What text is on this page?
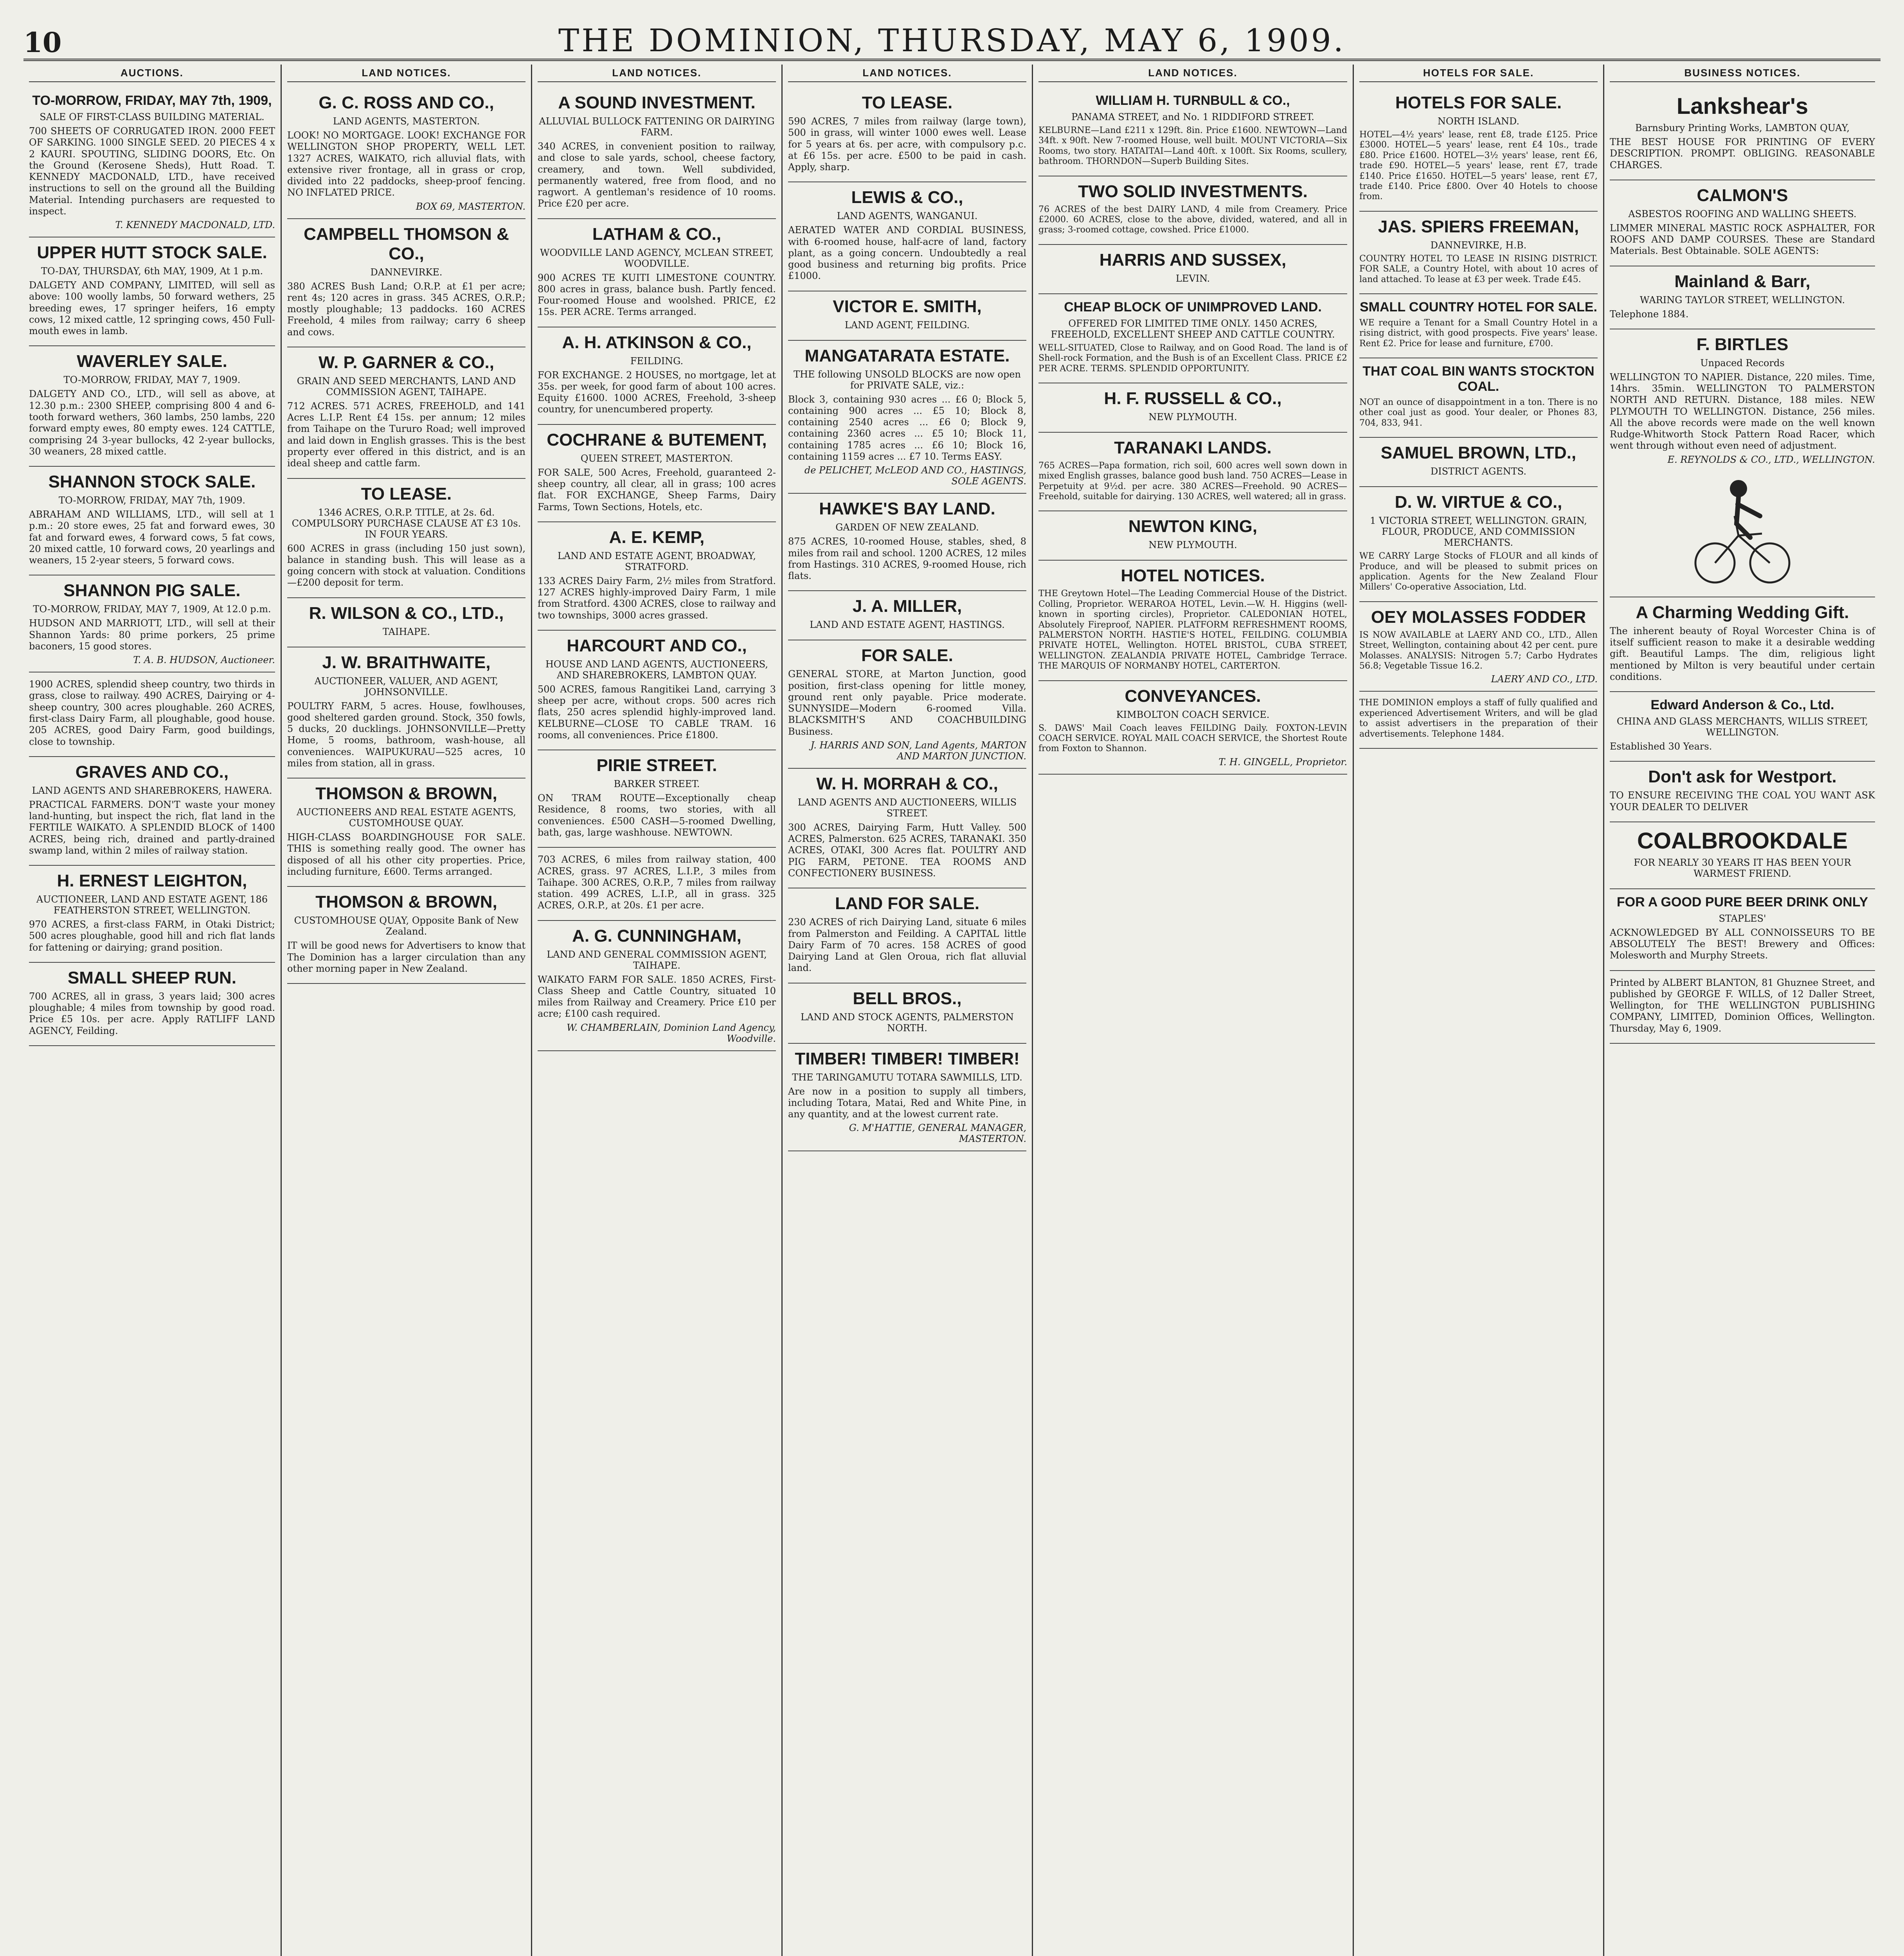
10	THE DOMINION, THURSDAY, MAY 6, 1909.
AUCTIONS.
TO-MORROW, FRIDAY, MAY 7th, 1909,
SALE OF FIRST-CLASS BUILDING MATERIAL.

700 SHEETS OF CORRUGATED IRON. 2000 FEET OF SARKING. 1000 SINGLE SEED. 20 PIECES 4 x 2 KAURI. SPOUTING, SLIDING DOORS, Etc. On the Ground (Kerosene Sheds), Hutt Road. T. KENNEDY MACDONALD, LTD., have received instructions to sell on the ground all the Building Material. Intending purchasers are requested to inspect.

T. KENNEDY MACDONALD, LTD.
UPPER HUTT STOCK SALE.
TO-DAY, THURSDAY, 6th MAY, 1909, At 1 p.m.

DALGETY AND COMPANY, LIMITED, will sell as above: 100 woolly lambs, 50 forward wethers, 25 breeding ewes, 17 springer heifers, 16 empty cows, 12 mixed cattle, 12 springing cows, 450 Full-mouth ewes in lamb.

WAVERLEY SALE.
TO-MORROW, FRIDAY, MAY 7, 1909.

DALGETY AND CO., LTD., will sell as above, at 12.30 p.m.: 2300 SHEEP, comprising 800 4 and 6-tooth forward wethers, 360 lambs, 250 lambs, 220 forward empty ewes, 80 empty ewes. 124 CATTLE, comprising 24 3-year bullocks, 42 2-year bullocks, 30 weaners, 28 mixed cattle.

SHANNON STOCK SALE.
TO-MORROW, FRIDAY, MAY 7th, 1909.

ABRAHAM AND WILLIAMS, LTD., will sell at 1 p.m.: 20 store ewes, 25 fat and forward ewes, 30 fat and forward ewes, 4 forward cows, 5 fat cows, 20 mixed cattle, 10 forward cows, 20 yearlings and weaners, 15 2-year steers, 5 forward cows.

SHANNON PIG SALE.
TO-MORROW, FRIDAY, MAY 7, 1909, At 12.0 p.m.

HUDSON AND MARRIOTT, LTD., will sell at their Shannon Yards: 80 prime porkers, 25 prime baconers, 15 good stores.

T. A. B. HUDSON, Auctioneer.

1900 ACRES, splendid sheep country, two thirds in grass, close to railway. 490 ACRES, Dairying or 4-sheep country, 300 acres ploughable. 260 ACRES, first-class Dairy Farm, all ploughable, good house. 205 ACRES, good Dairy Farm, good buildings, close to township.

GRAVES AND CO.,
LAND AGENTS AND SHAREBROKERS, HAWERA.

PRACTICAL FARMERS. DON'T waste your money land-hunting, but inspect the rich, flat land in the FERTILE WAIKATO. A SPLENDID BLOCK of 1400 ACRES, being rich, drained and partly-drained swamp land, within 2 miles of railway station.

H. ERNEST LEIGHTON,
AUCTIONEER, LAND AND ESTATE AGENT, 186 FEATHERSTON STREET, WELLINGTON.

970 ACRES, a first-class FARM, in Otaki District; 500 acres ploughable, good hill and rich flat lands for fattening or dairying; grand position.

SMALL SHEEP RUN.

700 ACRES, all in grass, 3 years laid; 300 acres ploughable; 4 miles from township by good road. Price £5 10s. per acre. Apply RATLIFF LAND AGENCY, Feilding.

LAND NOTICES.
G. C. ROSS AND CO.,
LAND AGENTS, MASTERTON.

LOOK! NO MORTGAGE. LOOK! EXCHANGE FOR WELLINGTON SHOP PROPERTY, WELL LET. 1327 ACRES, WAIKATO, rich alluvial flats, with extensive river frontage, all in grass or crop, divided into 22 paddocks, sheep-proof fencing. NO INFLATED PRICE.

BOX 69, MASTERTON.
CAMPBELL THOMSON & CO.,
DANNEVIRKE.

380 ACRES Bush Land; O.R.P. at £1 per acre; rent 4s; 120 acres in grass. 345 ACRES, O.R.P.; mostly ploughable; 13 paddocks. 160 ACRES Freehold, 4 miles from railway; carry 6 sheep and cows.

W. P. GARNER & CO.,
GRAIN AND SEED MERCHANTS, LAND AND COMMISSION AGENT, TAIHAPE.

712 ACRES. 571 ACRES, FREEHOLD, and 141 Acres L.I.P. Rent £4 15s. per annum; 12 miles from Taihape on the Tururo Road; well improved and laid down in English grasses. This is the best property ever offered in this district, and is an ideal sheep and cattle farm.

TO LEASE.
1346 ACRES, O.R.P. TITLE, at 2s. 6d. COMPULSORY PURCHASE CLAUSE AT £3 10s. IN FOUR YEARS.

600 ACRES in grass (including 150 just sown), balance in standing bush. This will lease as a going concern with stock at valuation. Conditions—£200 deposit for term.

R. WILSON & CO., LTD.,
TAIHAPE.
J. W. BRAITHWAITE,
AUCTIONEER, VALUER, AND AGENT, JOHNSONVILLE.

POULTRY FARM, 5 acres. House, fowlhouses, good sheltered garden ground. Stock, 350 fowls, 5 ducks, 20 ducklings. JOHNSONVILLE—Pretty Home, 5 rooms, bathroom, wash-house, all conveniences. WAIPUKURAU—525 acres, 10 miles from station, all in grass.

THOMSON & BROWN,
AUCTIONEERS AND REAL ESTATE AGENTS, CUSTOMHOUSE QUAY.

HIGH-CLASS BOARDINGHOUSE FOR SALE. THIS is something really good. The owner has disposed of all his other city properties. Price, including furniture, £600. Terms arranged.

THOMSON & BROWN,
CUSTOMHOUSE QUAY, Opposite Bank of New Zealand.

IT will be good news for Advertisers to know that The Dominion has a larger circulation than any other morning paper in New Zealand.

LAND NOTICES.
A SOUND INVESTMENT.
ALLUVIAL BULLOCK FATTENING OR DAIRYING FARM.

340 ACRES, in convenient position to railway, and close to sale yards, school, cheese factory, creamery, and town. Well subdivided, permanently watered, free from flood, and no ragwort. A gentleman's residence of 10 rooms. Price £20 per acre.

LATHAM & CO.,
WOODVILLE LAND AGENCY, MCLEAN STREET, WOODVILLE.

900 ACRES TE KUITI LIMESTONE COUNTRY. 800 acres in grass, balance bush. Partly fenced. Four-roomed House and woolshed. PRICE, £2 15s. PER ACRE. Terms arranged.

A. H. ATKINSON & CO.,
FEILDING.

FOR EXCHANGE. 2 HOUSES, no mortgage, let at 35s. per week, for good farm of about 100 acres. Equity £1600. 1000 ACRES, Freehold, 3-sheep country, for unencumbered property.

COCHRANE & BUTEMENT,
QUEEN STREET, MASTERTON.

FOR SALE, 500 Acres, Freehold, guaranteed 2-sheep country, all clear, all in grass; 100 acres flat. FOR EXCHANGE, Sheep Farms, Dairy Farms, Town Sections, Hotels, etc.

A. E. KEMP,
LAND AND ESTATE AGENT, BROADWAY, STRATFORD.

133 ACRES Dairy Farm, 2½ miles from Stratford. 127 ACRES highly-improved Dairy Farm, 1 mile from Stratford. 4300 ACRES, close to railway and two townships, 3000 acres grassed.

HARCOURT AND CO.,
HOUSE AND LAND AGENTS, AUCTIONEERS, AND SHAREBROKERS, LAMBTON QUAY.

500 ACRES, famous Rangitikei Land, carrying 3 sheep per acre, without crops. 500 acres rich flats, 250 acres splendid highly-improved land. KELBURNE—CLOSE TO CABLE TRAM. 16 rooms, all conveniences. Price £1800.

PIRIE STREET.
BARKER STREET.

ON TRAM ROUTE—Exceptionally cheap Residence, 8 rooms, two stories, with all conveniences. £500 CASH—5-roomed Dwelling, bath, gas, large washhouse. NEWTOWN.

703 ACRES, 6 miles from railway station, 400 ACRES, grass. 97 ACRES, L.I.P., 3 miles from Taihape. 300 ACRES, O.R.P., 7 miles from railway station. 499 ACRES, L.I.P., all in grass. 325 ACRES, O.R.P., at 20s. £1 per acre.

A. G. CUNNINGHAM,
LAND AND GENERAL COMMISSION AGENT, TAIHAPE.

WAIKATO FARM FOR SALE. 1850 ACRES, First-Class Sheep and Cattle Country, situated 10 miles from Railway and Creamery. Price £10 per acre; £100 cash required.

W. CHAMBERLAIN, Dominion Land Agency, Woodville.
LAND NOTICES.
TO LEASE.

590 ACRES, 7 miles from railway (large town), 500 in grass, will winter 1000 ewes well. Lease for 5 years at 6s. per acre, with compulsory p.c. at £6 15s. per acre. £500 to be paid in cash. Apply, sharp.

LEWIS & CO.,
LAND AGENTS, WANGANUI.

AERATED WATER AND CORDIAL BUSINESS, with 6-roomed house, half-acre of land, factory plant, as a going concern. Undoubtedly a real good business and returning big profits. Price £1000.

VICTOR E. SMITH,
LAND AGENT, FEILDING.
MANGATARATA ESTATE.
THE following UNSOLD BLOCKS are now open for PRIVATE SALE, viz.:

Block 3, containing 930 acres ... £6 0; Block 5, containing 900 acres ... £5 10; Block 8, containing 2540 acres ... £6 0; Block 9, containing 2360 acres ... £5 10; Block 11, containing 1785 acres ... £6 10; Block 16, containing 1159 acres ... £7 10. Terms EASY.

de PELICHET, McLEOD AND CO., HASTINGS, SOLE AGENTS.
HAWKE'S BAY LAND.
GARDEN OF NEW ZEALAND.

875 ACRES, 10-roomed House, stables, shed, 8 miles from rail and school. 1200 ACRES, 12 miles from Hastings. 310 ACRES, 9-roomed House, rich flats.

J. A. MILLER,
LAND AND ESTATE AGENT, HASTINGS.
FOR SALE.

GENERAL STORE, at Marton Junction, good position, first-class opening for little money, ground rent only payable. Price moderate. SUNNYSIDE—Modern 6-roomed Villa. BLACKSMITH'S AND COACHBUILDING Business.

J. HARRIS AND SON, Land Agents, MARTON AND MARTON JUNCTION.
W. H. MORRAH & CO.,
LAND AGENTS AND AUCTIONEERS, WILLIS STREET.

300 ACRES, Dairying Farm, Hutt Valley. 500 ACRES, Palmerston. 625 ACRES, TARANAKI. 350 ACRES, OTAKI, 300 Acres flat. POULTRY AND PIG FARM, PETONE. TEA ROOMS AND CONFECTIONERY BUSINESS.

LAND FOR SALE.

230 ACRES of rich Dairying Land, situate 6 miles from Palmerston and Feilding. A CAPITAL little Dairy Farm of 70 acres. 158 ACRES of good Dairying Land at Glen Oroua, rich flat alluvial land.

BELL BROS.,
LAND AND STOCK AGENTS, PALMERSTON NORTH.
TIMBER! TIMBER! TIMBER!
THE TARINGAMUTU TOTARA SAWMILLS, LTD.

Are now in a position to supply all timbers, including Totara, Matai, Red and White Pine, in any quantity, and at the lowest current rate.

G. M'HATTIE, GENERAL MANAGER, MASTERTON.
LAND NOTICES.
WILLIAM H. TURNBULL & CO.,
PANAMA STREET, and No. 1 RIDDIFORD STREET.

KELBURNE—Land £211 x 129ft. 8in. Price £1600. NEWTOWN—Land 34ft. x 90ft. New 7-roomed House, well built. MOUNT VICTORIA—Six Rooms, two story. HATAITAI—Land 40ft. x 100ft. Six Rooms, scullery, bathroom. THORNDON—Superb Building Sites.

TWO SOLID INVESTMENTS.

76 ACRES of the best DAIRY LAND, 4 mile from Creamery. Price £2000. 60 ACRES, close to the above, divided, watered, and all in grass; 3-roomed cottage, cowshed. Price £1000.

HARRIS AND SUSSEX,
LEVIN.
CHEAP BLOCK OF UNIMPROVED LAND.
OFFERED FOR LIMITED TIME ONLY. 1450 ACRES, FREEHOLD, EXCELLENT SHEEP AND CATTLE COUNTRY.

WELL-SITUATED, Close to Railway, and on Good Road. The land is of Shell-rock Formation, and the Bush is of an Excellent Class. PRICE £2 PER ACRE. TERMS. SPLENDID OPPORTUNITY.

H. F. RUSSELL & CO.,
NEW PLYMOUTH.
TARANAKI LANDS.

765 ACRES—Papa formation, rich soil, 600 acres well sown down in mixed English grasses, balance good bush land. 750 ACRES—Lease in Perpetuity at 9½d. per acre. 380 ACRES—Freehold. 90 ACRES—Freehold, suitable for dairying. 130 ACRES, well watered; all in grass.

NEWTON KING,
NEW PLYMOUTH.
HOTEL NOTICES.

THE Greytown Hotel—The Leading Commercial House of the District. Colling, Proprietor. WERAROA HOTEL, Levin.—W. H. Higgins (well-known in sporting circles), Proprietor. CALEDONIAN HOTEL, Absolutely Fireproof, NAPIER. PLATFORM REFRESHMENT ROOMS, PALMERSTON NORTH. HASTIE'S HOTEL, FEILDING. COLUMBIA PRIVATE HOTEL, Wellington. HOTEL BRISTOL, CUBA STREET, WELLINGTON. ZEALANDIA PRIVATE HOTEL, Cambridge Terrace. THE MARQUIS OF NORMANBY HOTEL, CARTERTON.

CONVEYANCES.
KIMBOLTON COACH SERVICE.

S. DAWS' Mail Coach leaves FEILDING Daily. FOXTON-LEVIN COACH SERVICE. ROYAL MAIL COACH SERVICE, the Shortest Route from Foxton to Shannon.

T. H. GINGELL, Proprietor.
HOTELS FOR SALE.
HOTELS FOR SALE.
NORTH ISLAND.

HOTEL—4½ years' lease, rent £8, trade £125. Price £3000. HOTEL—5 years' lease, rent £4 10s., trade £80. Price £1600. HOTEL—3½ years' lease, rent £6, trade £90. HOTEL—5 years' lease, rent £7, trade £140. Price £1650. HOTEL—5 years' lease, rent £7, trade £140. Price £800. Over 40 Hotels to choose from.

JAS. SPIERS FREEMAN,
DANNEVIRKE, H.B.

COUNTRY HOTEL TO LEASE IN RISING DISTRICT. FOR SALE, a Country Hotel, with about 10 acres of land attached. To lease at £3 per week. Trade £45.

SMALL COUNTRY HOTEL FOR SALE.

WE require a Tenant for a Small Country Hotel in a rising district, with good prospects. Five years' lease. Rent £2. Price for lease and furniture, £700.

THAT COAL BIN WANTS STOCKTON COAL.

NOT an ounce of disappointment in a ton. There is no other coal just as good. Your dealer, or Phones 83, 704, 833, 941.

SAMUEL BROWN, LTD.,
DISTRICT AGENTS.
D. W. VIRTUE & CO.,
1 VICTORIA STREET, WELLINGTON. GRAIN, FLOUR, PRODUCE, AND COMMISSION MERCHANTS.

WE CARRY Large Stocks of FLOUR and all kinds of Produce, and will be pleased to submit prices on application. Agents for the New Zealand Flour Millers' Co-operative Association, Ltd.

OEY MOLASSES FODDER

IS NOW AVAILABLE at LAERY AND CO., LTD., Allen Street, Wellington, containing about 42 per cent. pure Molasses. ANALYSIS: Nitrogen 5.7; Carbo Hydrates 56.8; Vegetable Tissue 16.2.

LAERY AND CO., LTD.

THE DOMINION employs a staff of fully qualified and experienced Advertisement Writers, and will be glad to assist advertisers in the preparation of their advertisements. Telephone 1484.

BUSINESS NOTICES.
Lankshear's
Barnsbury Printing Works, LAMBTON QUAY,

THE BEST HOUSE FOR PRINTING OF EVERY DESCRIPTION. PROMPT. OBLIGING. REASONABLE CHARGES.

CALMON'S
ASBESTOS ROOFING AND WALLING SHEETS.

LIMMER MINERAL MASTIC ROCK ASPHALTER, FOR ROOFS AND DAMP COURSES. These are Standard Materials. Best Obtainable. SOLE AGENTS:

Mainland & Barr,
WARING TAYLOR STREET, WELLINGTON.

Telephone 1884.

F. BIRTLES
Unpaced Records

WELLINGTON TO NAPIER. Distance, 220 miles. Time, 14hrs. 35min. WELLINGTON TO PALMERSTON NORTH AND RETURN. Distance, 188 miles. NEW PLYMOUTH TO WELLINGTON. Distance, 256 miles. All the above records were made on the well known Rudge-Whitworth Stock Pattern Road Racer, which went through without even need of adjustment.

E. REYNOLDS & CO., LTD., WELLINGTON.
A Charming Wedding Gift.

The inherent beauty of Royal Worcester China is of itself sufficient reason to make it a desirable wedding gift. Beautiful Lamps. The dim, religious light mentioned by Milton is very beautiful under certain conditions.

Edward Anderson & Co., Ltd.
CHINA AND GLASS MERCHANTS, WILLIS STREET, WELLINGTON.

Established 30 Years.

Don't ask for Westport.

TO ENSURE RECEIVING THE COAL YOU WANT ASK YOUR DEALER TO DELIVER

COALBROOKDALE
FOR NEARLY 30 YEARS IT HAS BEEN YOUR WARMEST FRIEND.
FOR A GOOD PURE BEER DRINK ONLY
STAPLES'

ACKNOWLEDGED BY ALL CONNOISSEURS TO BE ABSOLUTELY The BEST! Brewery and Offices: Molesworth and Murphy Streets.

Printed by ALBERT BLANTON, 81 Ghuznee Street, and published by GEORGE F. WILLS, of 12 Daller Street, Wellington, for THE WELLINGTON PUBLISHING COMPANY, LIMITED, Dominion Offices, Wellington. Thursday, May 6, 1909.
